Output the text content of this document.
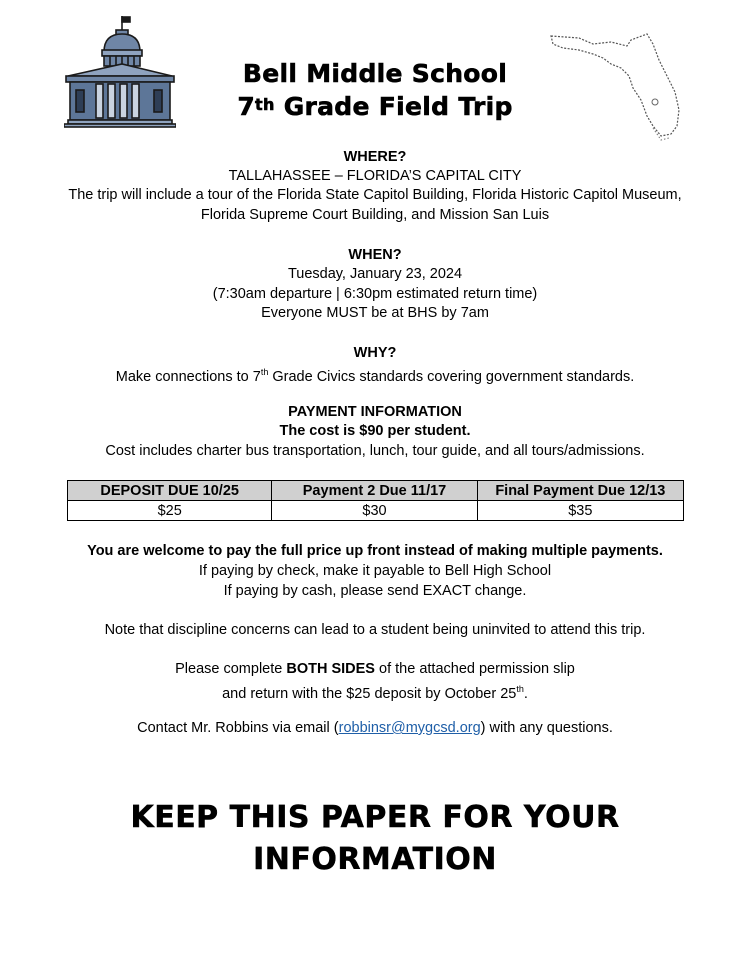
Bell Middle School
7th Grade Field Trip
WHERE?
TALLAHASSEE – FLORIDA’S CAPITAL CITY
The trip will include a tour of the Florida State Capitol Building, Florida Historic Capitol Museum,
Florida Supreme Court Building, and Mission San Luis
WHEN?
Tuesday, January 23, 2024
(7:30am departure | 6:30pm estimated return time)
Everyone MUST be at BHS by 7am
WHY?
Make connections to 7th Grade Civics standards covering government standards.
PAYMENT INFORMATION
The cost is $90 per student.
Cost includes charter bus transportation, lunch, tour guide, and all tours/admissions.
DEPOSIT DUE 10/25	Payment 2 Due 11/17	Final Payment Due 12/13
$25	$30	$35
You are welcome to pay the full price up front instead of making multiple payments.
If paying by check, make it payable to Bell High School
If paying by cash, please send EXACT change.
Note that discipline concerns can lead to a student being uninvited to attend this trip.
Please complete BOTH SIDES of the attached permission slip
and return with the $25 deposit by October 25th.
Contact Mr. Robbins via email (robbinsr@mygcsd.org) with any questions.
KEEP THIS PAPER FOR YOUR
INFORMATION
